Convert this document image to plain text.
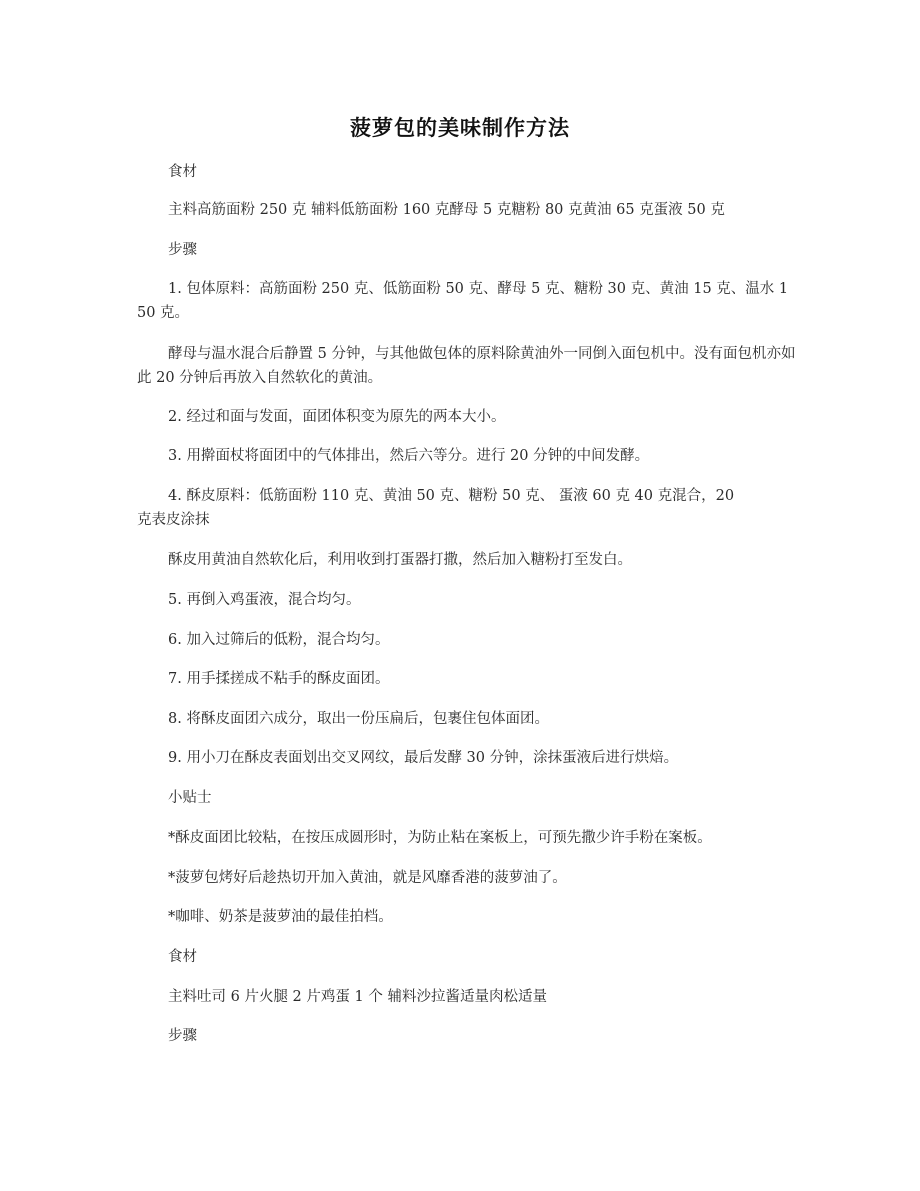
菠萝包的美味制作方法
食材
主料高筋面粉 250 克 辅料低筋面粉 160 克酵母 5 克糖粉 80 克黄油 65 克蛋液 50 克
步骤
1. 包体原料：高筋面粉 250 克、低筋面粉 50 克、酵母 5 克、糖粉 30 克、黄油 15 克、温水 150 克。
酵母与温水混合后静置 5 分钟，与其他做包体的原料除黄油外一同倒入面包机中。没有面包机亦如此 20 分钟后再放入自然软化的黄油。
2. 经过和面与发面，面团体积变为原先的两本大小。
3. 用擀面杖将面团中的气体排出，然后六等分。进行 20 分钟的中间发酵。
4. 酥皮原料：低筋面粉 110 克、黄油 50 克、糖粉 50 克、 蛋液 60 克 40 克混合，20
克表皮涂抹
酥皮用黄油自然软化后，利用收到打蛋器打撒，然后加入糖粉打至发白。
5. 再倒入鸡蛋液，混合均匀。
6. 加入过筛后的低粉，混合均匀。
7. 用手揉搓成不粘手的酥皮面团。
8. 将酥皮面团六成分，取出一份压扁后，包裹住包体面团。
9. 用小刀在酥皮表面划出交叉网纹，最后发酵 30 分钟，涂抹蛋液后进行烘焙。
小贴士
*酥皮面团比较粘，在按压成圆形时，为防止粘在案板上，可预先撒少许手粉在案板。
*菠萝包烤好后趁热切开加入黄油，就是风靡香港的菠萝油了。
*咖啡、奶茶是菠萝油的最佳拍档。
食材
主料吐司 6 片火腿 2 片鸡蛋 1 个 辅料沙拉酱适量肉松适量
步骤
